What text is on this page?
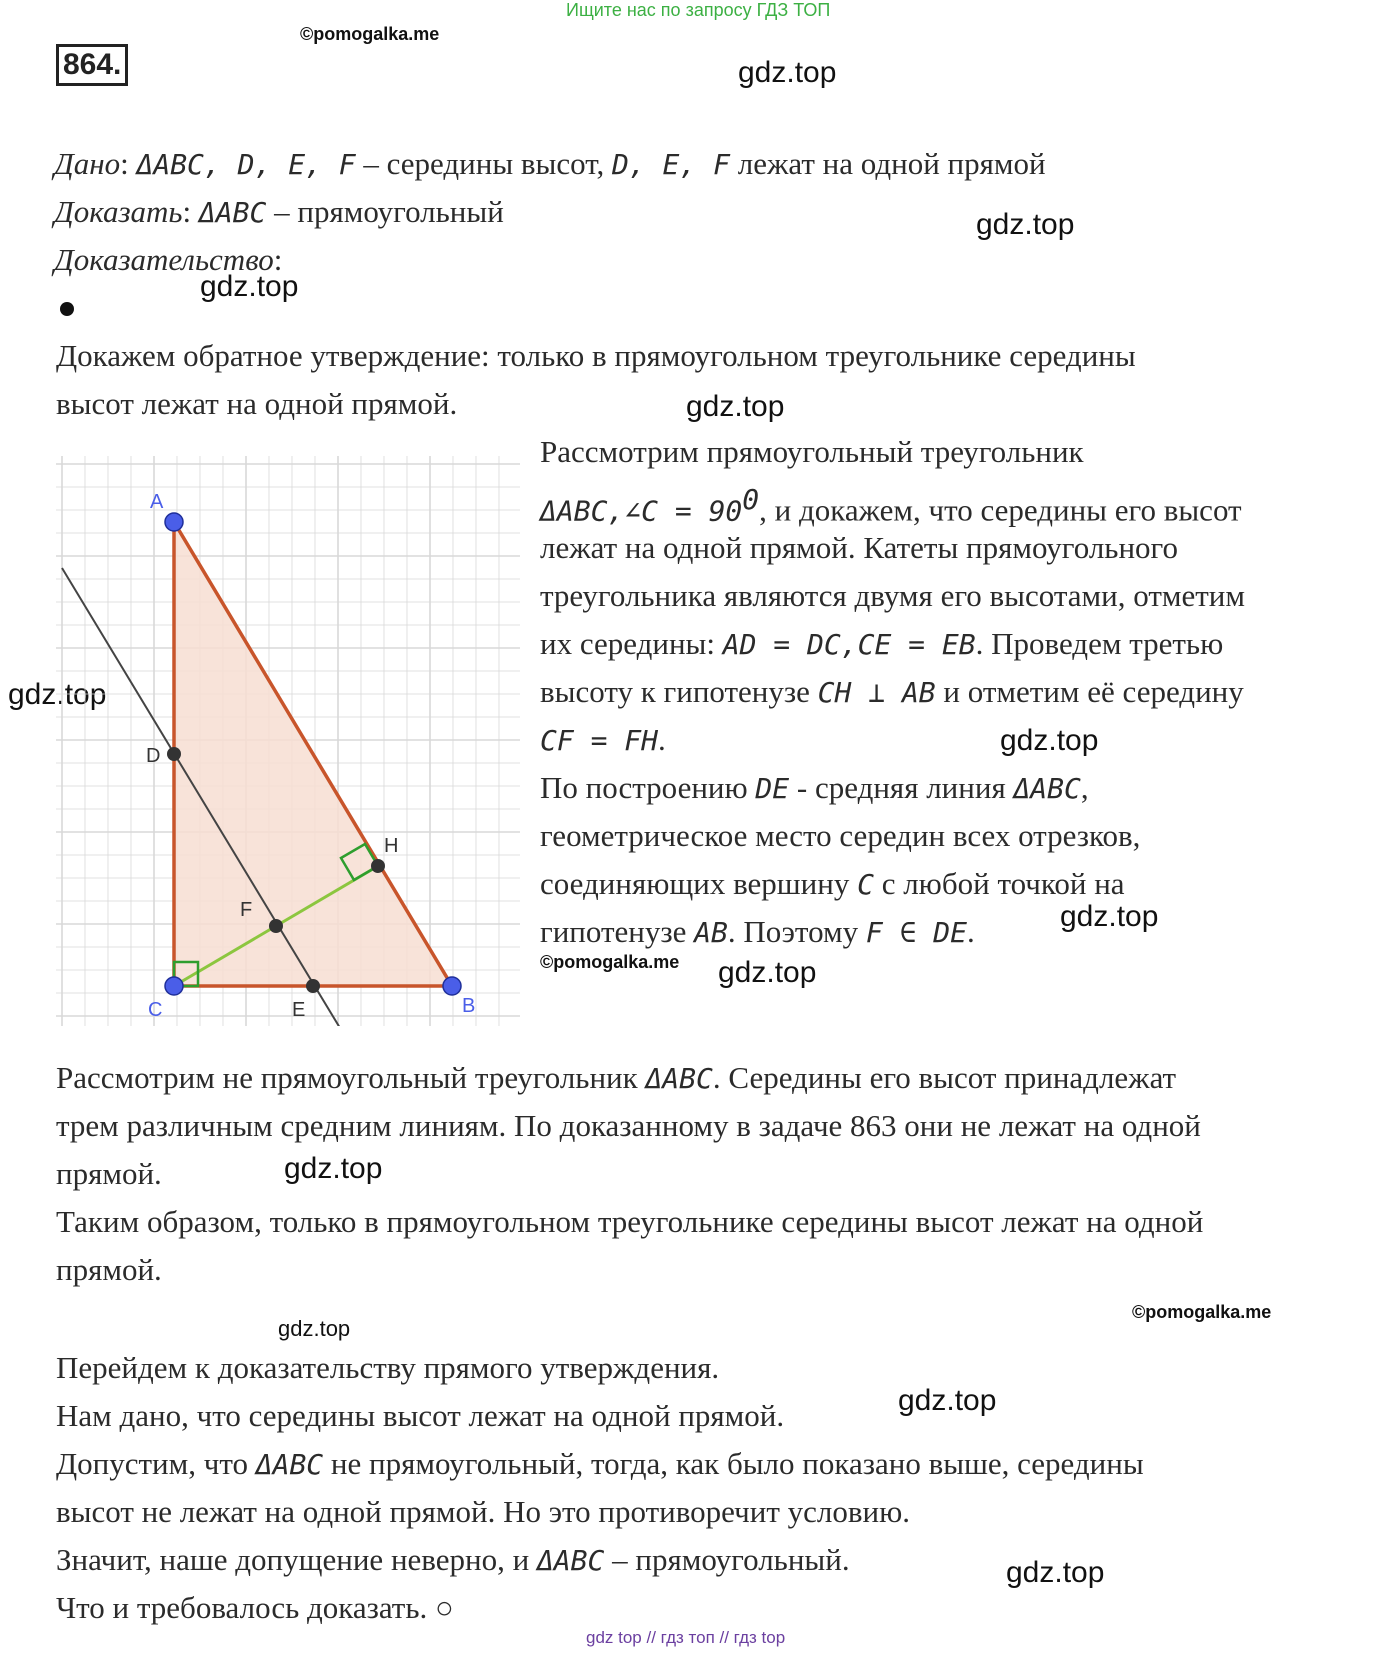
Ищите нас по запросу ГДЗ ТОП
864.
©pomogalka.me
gdz.top
gdz.top
gdz.top
gdz.top
gdz.top
gdz.top
gdz.top
©pomogalka.me gdz.top
gdz.top
©pomogalka.me
gdz.top
gdz.top
gdz.top
Дано: ΔABC, D, E, F – середины высот, D, E, F лежат на одной прямой
Доказать: ΔABC – прямоугольный
Доказательство:
Докажем обратное утверждение: только в прямоугольном треугольнике середины
высот лежат на одной прямой.
A
D
F
H
C	E	B
Рассмотрим прямоугольный треугольник
ΔABC,∠C = $90^0$, и докажем, что середины его высот
лежат на одной прямой. Катеты прямоугольного
треугольника являются двумя его высотами, отметим
их середины: AD = DC,CE = EB. Проведем третью
высоту к гипотенузе CH ⊥ AB и отметим её середину
CF = FH.
По построению DE - средняя линия ΔABC,
геометрическое место середин всех отрезков,
соединяющих вершину C с любой точкой на
гипотенузе AB. Поэтому F ∈ DE.
Рассмотрим не прямоугольный треугольник ΔABC. Середины его высот принадлежат
трем различным средним линиям. По доказанному в задаче 863 они не лежат на одной
прямой.
Таким образом, только в прямоугольном треугольнике середины высот лежат на одной
прямой.
Перейдем к доказательству прямого утверждения.
Нам дано, что середины высот лежат на одной прямой.
Допустим, что ΔABC не прямоугольный, тогда, как было показано выше, середины
высот не лежат на одной прямой. Но это противоречит условию.
Значит, наше допущение неверно, и ΔABC – прямоугольный.
Что и требовалось доказать. ○
gdz top // гдз топ // гдз top
